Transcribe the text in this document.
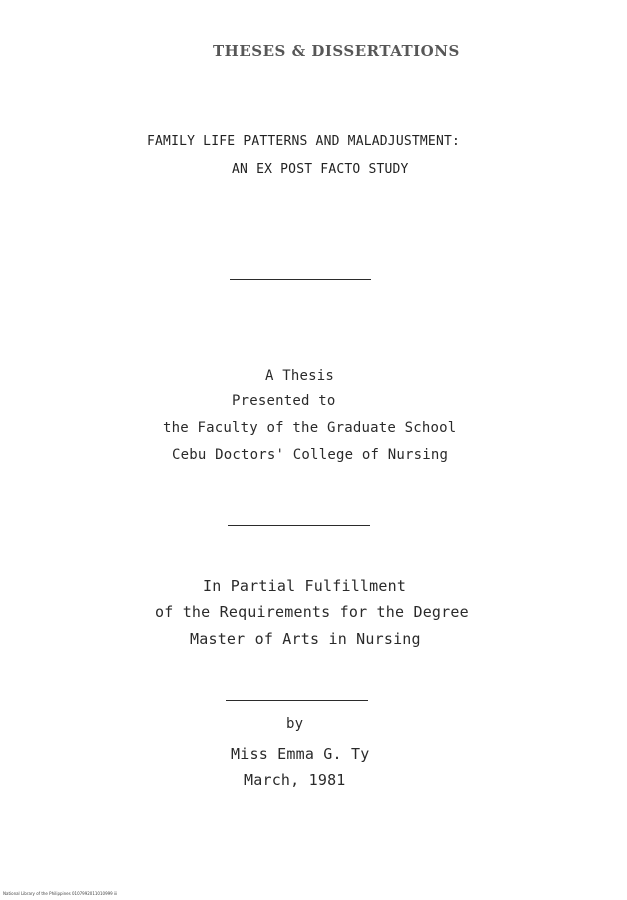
THESES & DISSERTATIONS
FAMILY LIFE PATTERNS AND MALADJUSTMENT:
AN EX POST FACTO STUDY
A Thesis
Presented to
the Faculty of the Graduate School
Cebu Doctors' College of Nursing
In Partial Fulfillment
of the Requirements for the Degree
Master of Arts in Nursing
by
Miss Emma G. Ty
March, 1981
National Library of the Philippines 0107992011010999 iii
